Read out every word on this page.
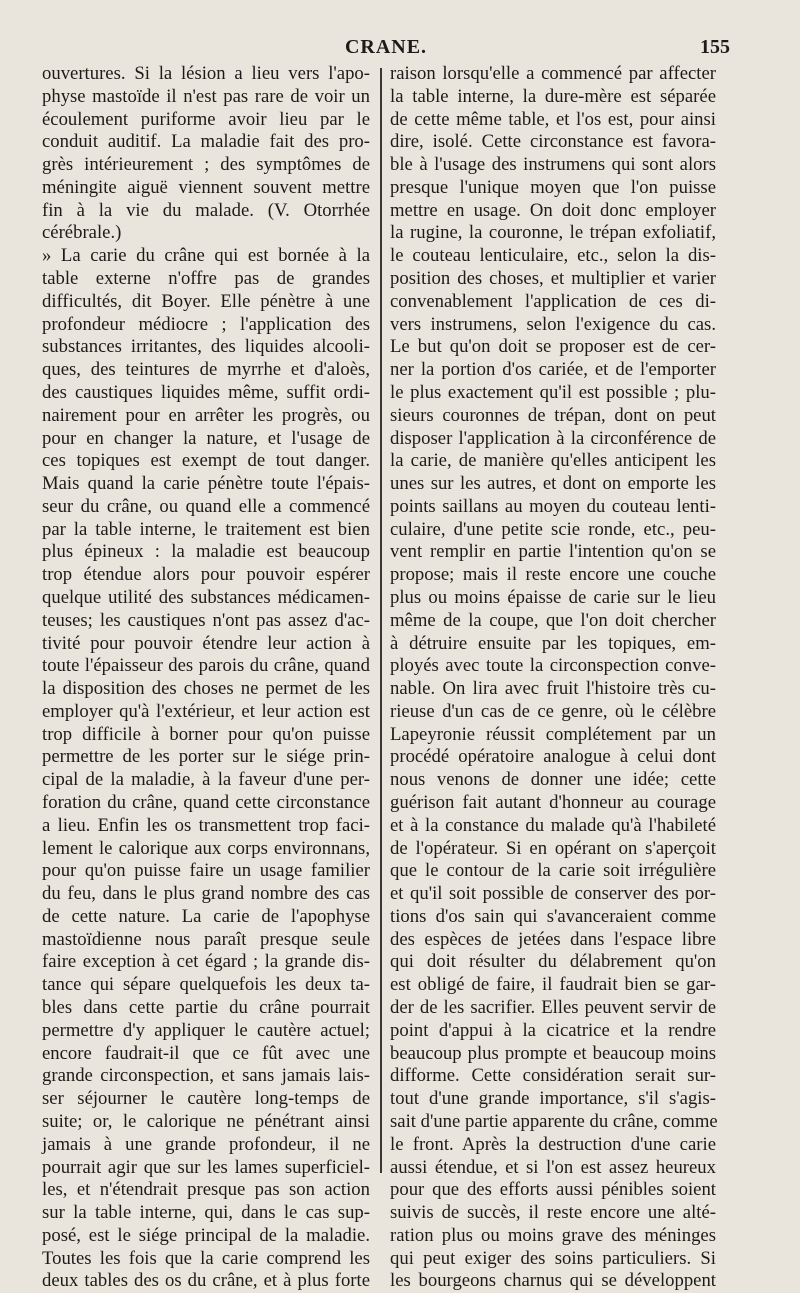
CRANE.	155
ouvertures. Si la lésion a lieu vers l'apo-
physe mastoïde il n'est pas rare de voir un
écoulement puriforme avoir lieu par le
conduit auditif. La maladie fait des pro-
grès intérieurement ; des symptômes de
méningite aiguë viennent souvent mettre
fin à la vie du malade. (V. Otorrhée
cérébrale.)
» La carie du crâne qui est bornée à la
table externe n'offre pas de grandes
difficultés, dit Boyer. Elle pénètre à une
profondeur médiocre ; l'application des
substances irritantes, des liquides alcooli-
ques, des teintures de myrrhe et d'aloès,
des caustiques liquides même, suffit ordi-
nairement pour en arrêter les progrès, ou
pour en changer la nature, et l'usage de
ces topiques est exempt de tout danger.
Mais quand la carie pénètre toute l'épais-
seur du crâne, ou quand elle a commencé
par la table interne, le traitement est bien
plus épineux : la maladie est beaucoup
trop étendue alors pour pouvoir espérer
quelque utilité des substances médicamen-
teuses; les caustiques n'ont pas assez d'ac-
tivité pour pouvoir étendre leur action à
toute l'épaisseur des parois du crâne, quand
la disposition des choses ne permet de les
employer qu'à l'extérieur, et leur action est
trop difficile à borner pour qu'on puisse
permettre de les porter sur le siége prin-
cipal de la maladie, à la faveur d'une per-
foration du crâne, quand cette circonstance
a lieu. Enfin les os transmettent trop faci-
lement le calorique aux corps environnans,
pour qu'on puisse faire un usage familier
du feu, dans le plus grand nombre des cas
de cette nature. La carie de l'apophyse
mastoïdienne nous paraît presque seule
faire exception à cet égard ; la grande dis-
tance qui sépare quelquefois les deux ta-
bles dans cette partie du crâne pourrait
permettre d'y appliquer le cautère actuel;
encore faudrait-il que ce fût avec une
grande circonspection, et sans jamais lais-
ser séjourner le cautère long-temps de
suite; or, le calorique ne pénétrant ainsi
jamais à une grande profondeur, il ne
pourrait agir que sur les lames superficiel-
les, et n'étendrait presque pas son action
sur la table interne, qui, dans le cas sup-
posé, est le siége principal de la maladie.
Toutes les fois que la carie comprend les
deux tables des os du crâne, et à plus forte
raison lorsqu'elle a commencé par affecter
la table interne, la dure-mère est séparée
de cette même table, et l'os est, pour ainsi
dire, isolé. Cette circonstance est favora-
ble à l'usage des instrumens qui sont alors
presque l'unique moyen que l'on puisse
mettre en usage. On doit donc employer
la rugine, la couronne, le trépan exfoliatif,
le couteau lenticulaire, etc., selon la dis-
position des choses, et multiplier et varier
convenablement l'application de ces di-
vers instrumens, selon l'exigence du cas.
Le but qu'on doit se proposer est de cer-
ner la portion d'os cariée, et de l'emporter
le plus exactement qu'il est possible ; plu-
sieurs couronnes de trépan, dont on peut
disposer l'application à la circonférence de
la carie, de manière qu'elles anticipent les
unes sur les autres, et dont on emporte les
points saillans au moyen du couteau lenti-
culaire, d'une petite scie ronde, etc., peu-
vent remplir en partie l'intention qu'on se
propose; mais il reste encore une couche
plus ou moins épaisse de carie sur le lieu
même de la coupe, que l'on doit chercher
à détruire ensuite par les topiques, em-
ployés avec toute la circonspection conve-
nable. On lira avec fruit l'histoire très cu-
rieuse d'un cas de ce genre, où le célèbre
Lapeyronie réussit complétement par un
procédé opératoire analogue à celui dont
nous venons de donner une idée; cette
guérison fait autant d'honneur au courage
et à la constance du malade qu'à l'habileté
de l'opérateur. Si en opérant on s'aperçoit
que le contour de la carie soit irrégulière
et qu'il soit possible de conserver des por-
tions d'os sain qui s'avanceraient comme
des espèces de jetées dans l'espace libre
qui doit résulter du délabrement qu'on
est obligé de faire, il faudrait bien se gar-
der de les sacrifier. Elles peuvent servir de
point d'appui à la cicatrice et la rendre
beaucoup plus prompte et beaucoup moins
difforme. Cette considération serait sur-
tout d'une grande importance, s'il s'agis-
sait d'une partie apparente du crâne, comme
le front. Après la destruction d'une carie
aussi étendue, et si l'on est assez heureux
pour que des efforts aussi pénibles soient
suivis de succès, il reste encore une alté-
ration plus ou moins grave des méninges
qui peut exiger des soins particuliers. Si
les bourgeons charnus qui se développent
